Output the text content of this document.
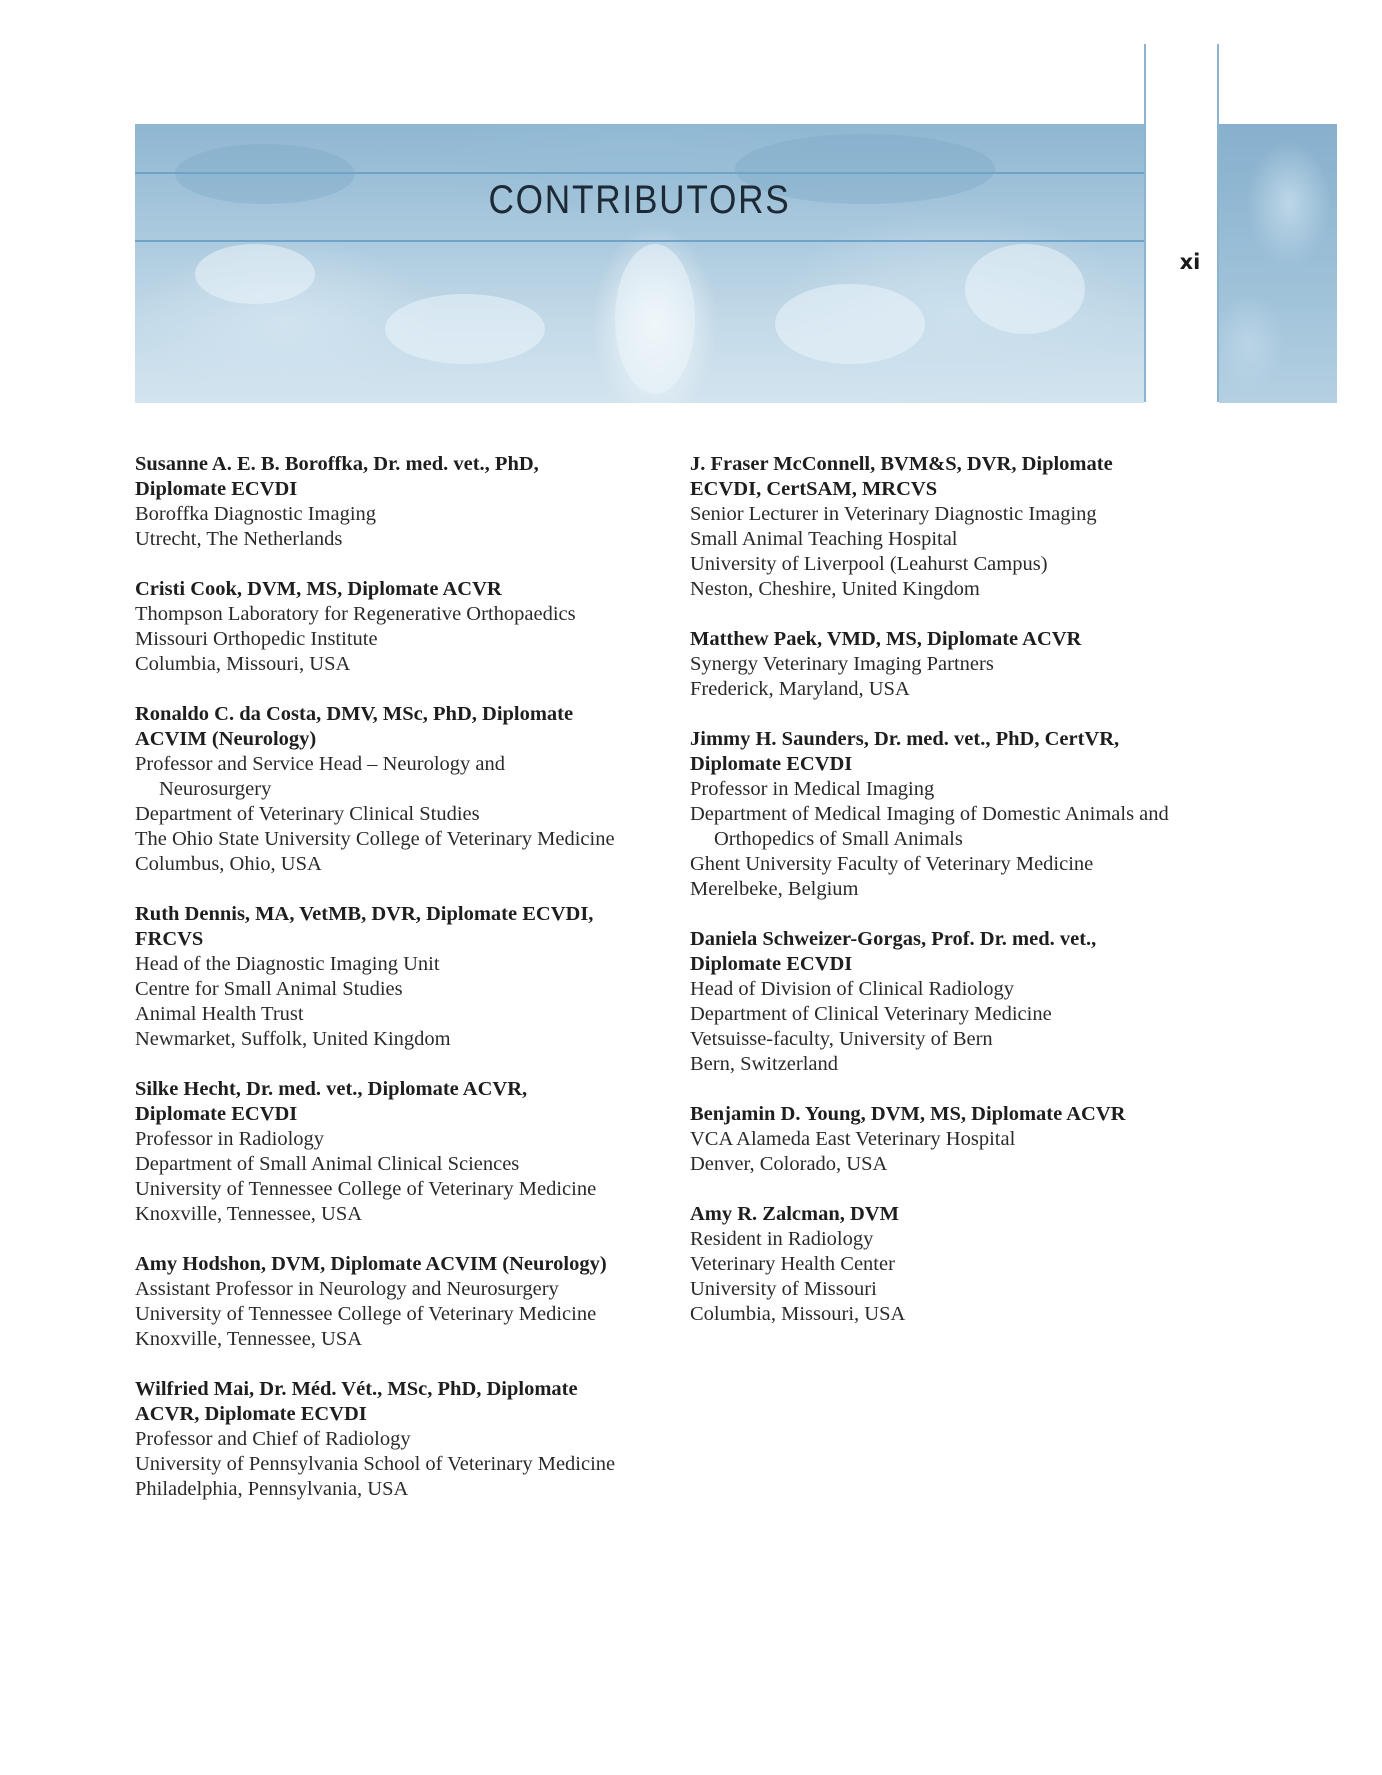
CONTRIBUTORS
xi
Susanne A. E. B. Boroffka, Dr. med. vet., PhD,
Diplomate ECVDI
Boroffka Diagnostic Imaging
Utrecht, The Netherlands
Cristi Cook, DVM, MS, Diplomate ACVR
Thompson Laboratory for Regenerative Orthopaedics
Missouri Orthopedic Institute
Columbia, Missouri, USA
Ronaldo C. da Costa, DMV, MSc, PhD, Diplomate
ACVIM (Neurology)
Professor and Service Head – Neurology and
Neurosurgery
Department of Veterinary Clinical Studies
The Ohio State University College of Veterinary Medicine
Columbus, Ohio, USA
Ruth Dennis, MA, VetMB, DVR, Diplomate ECVDI,
FRCVS
Head of the Diagnostic Imaging Unit
Centre for Small Animal Studies
Animal Health Trust
Newmarket, Suffolk, United Kingdom
Silke Hecht, Dr. med. vet., Diplomate ACVR,
Diplomate ECVDI
Professor in Radiology
Department of Small Animal Clinical Sciences
University of Tennessee College of Veterinary Medicine
Knoxville, Tennessee, USA
Amy Hodshon, DVM, Diplomate ACVIM (Neurology)
Assistant Professor in Neurology and Neurosurgery
University of Tennessee College of Veterinary Medicine
Knoxville, Tennessee, USA
Wilfried Mai, Dr. Méd. Vét., MSc, PhD, Diplomate
ACVR, Diplomate ECVDI
Professor and Chief of Radiology
University of Pennsylvania School of Veterinary Medicine
Philadelphia, Pennsylvania, USA
J. Fraser McConnell, BVM&S, DVR, Diplomate
ECVDI, CertSAM, MRCVS
Senior Lecturer in Veterinary Diagnostic Imaging
Small Animal Teaching Hospital
University of Liverpool (Leahurst Campus)
Neston, Cheshire, United Kingdom
Matthew Paek, VMD, MS, Diplomate ACVR
Synergy Veterinary Imaging Partners
Frederick, Maryland, USA
Jimmy H. Saunders, Dr. med. vet., PhD, CertVR,
Diplomate ECVDI
Professor in Medical Imaging
Department of Medical Imaging of Domestic Animals and
Orthopedics of Small Animals
Ghent University Faculty of Veterinary Medicine
Merelbeke, Belgium
Daniela Schweizer-Gorgas, Prof. Dr. med. vet.,
Diplomate ECVDI
Head of Division of Clinical Radiology
Department of Clinical Veterinary Medicine
Vetsuisse-faculty, University of Bern
Bern, Switzerland
Benjamin D. Young, DVM, MS, Diplomate ACVR
VCA Alameda East Veterinary Hospital
Denver, Colorado, USA
Amy R. Zalcman, DVM
Resident in Radiology
Veterinary Health Center
University of Missouri
Columbia, Missouri, USA
